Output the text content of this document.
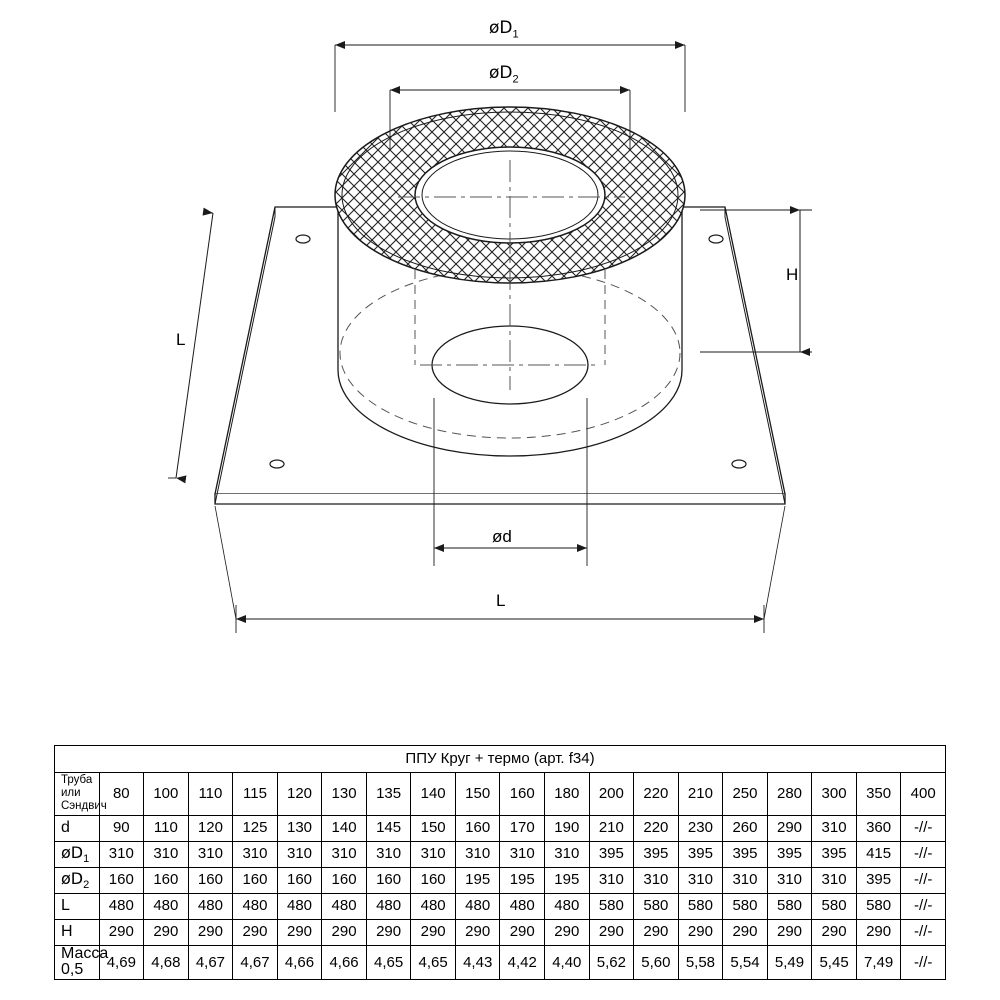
$øD_1$
$øD_2$
ød
H
L
L
ППУ Круг + термо (арт. f34)																			

Труба или
Сэндвич	80	100	110	115	120	130	135	140	150	160	180	200	220	210	250	280	300	350	400
d	90	110	120	125	130	140	145	150	160	170	190	210	220	230	260	290	310	360	-//-
$øD_1$	310	310	310	310	310	310	310	310	310	310	310	395	395	395	395	395	395	415	-//-
$øD_2$	160	160	160	160	160	160	160	160	195	195	195	310	310	310	310	310	310	395	-//-
L	480	480	480	480	480	480	480	480	480	480	480	580	580	580	580	580	580	580	-//-
H	290	290	290	290	290	290	290	290	290	290	290	290	290	290	290	290	290	290	-//-
Масса 0,5	4,69	4,68	4,67	4,67	4,66	4,66	4,65	4,65	4,43	4,42	4,40	5,62	5,60	5,58	5,54	5,49	5,45	7,49	-//-
